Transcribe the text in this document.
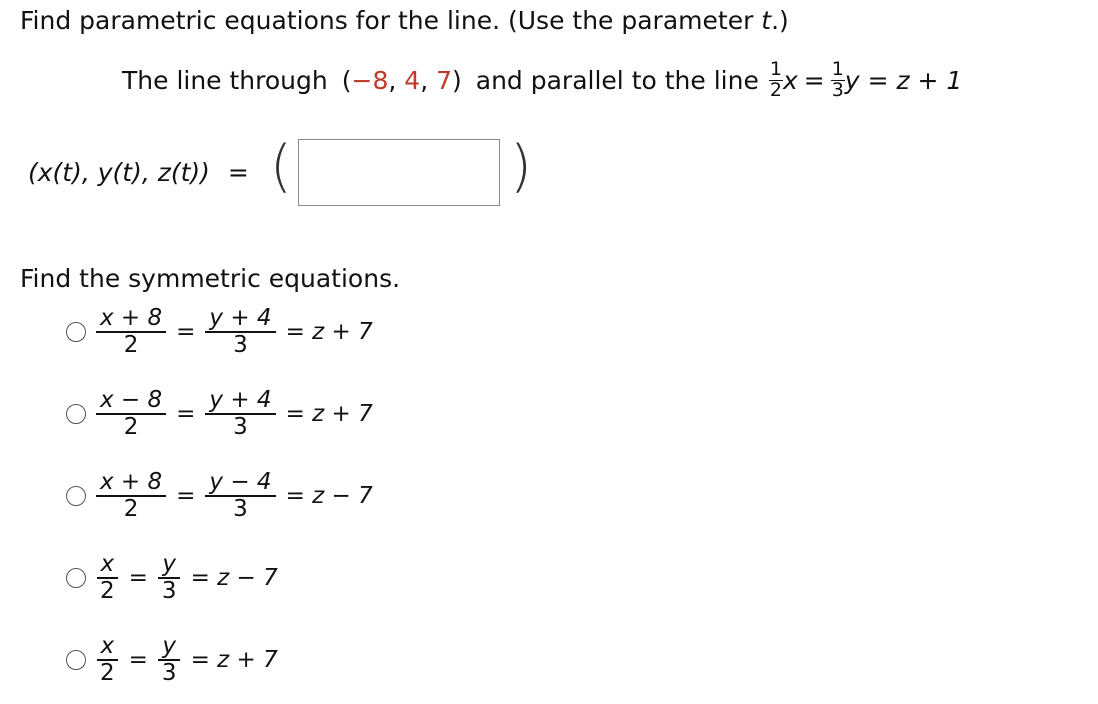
Find parametric equations for the line. (Use the parameter t.)
The line through ( −8 , 4 , 7 ) and parallel to the line $\frac{1}{2}$ $x = \frac{1}{3}$ y = z + 1
(x(t), y(t), z(t)) = (	)
Find the symmetric equations.
$\frac{x + 8}{2} = \frac{y + 4}{3} = z + 7$
$\frac{x - 8}{2} = \frac{y + 4}{3} = z + 7$
$\frac{x + 8}{2} = \frac{y - 4}{3} = z - 7$
$\frac{x}{2} = \frac{y}{3} = z - 7$
$\frac{x}{2} = \frac{y}{3} = z + 7$
